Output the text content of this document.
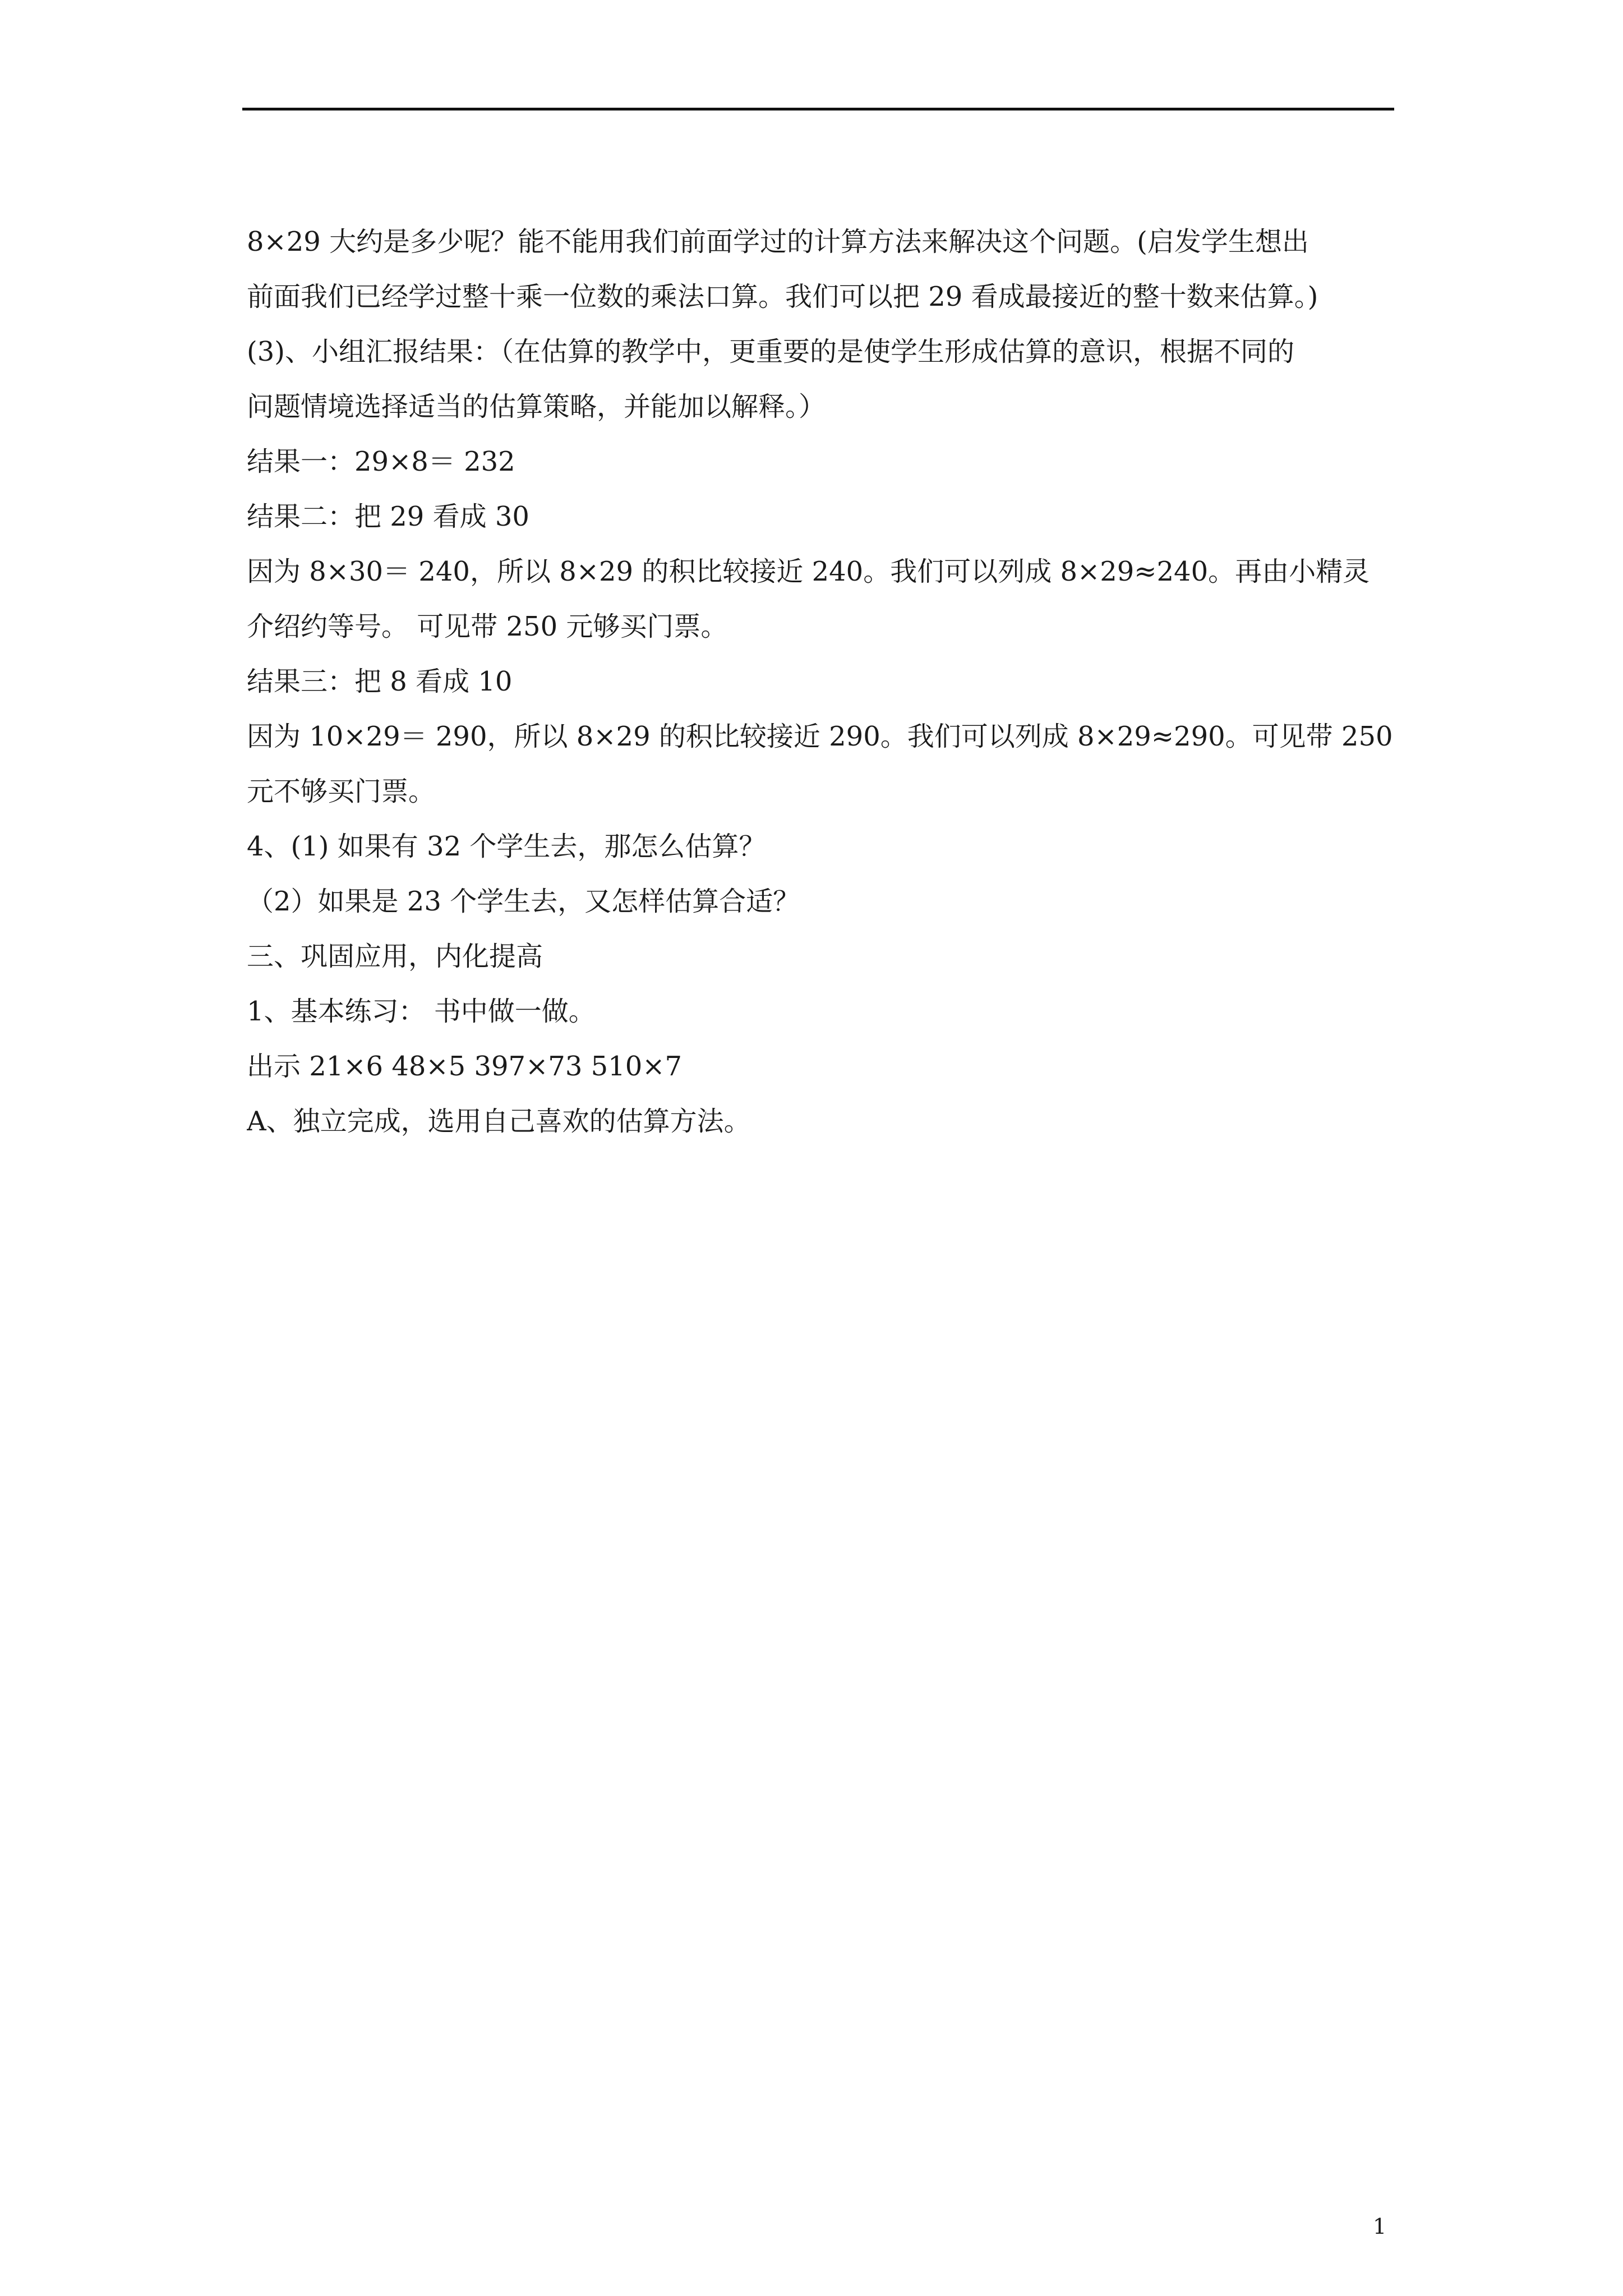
8×29 大约是多少呢？能不能用我们前面学过的计算方法来解决这个问题。(启发学生想出
前面我们已经学过整十乘一位数的乘法口算。我们可以把 29 看成最接近的整十数来估算。)
(3)、小组汇报结果：（在估算的教学中，更重要的是使学生形成估算的意识，根据不同的
问题情境选择适当的估算策略，并能加以解释。）
结果一：29×8＝ 232
结果二：把 29 看成 30
因为 8×30＝ 240，所以 8×29 的积比较接近 240。我们可以列成 8×29≈240。再由小精灵
介绍约等号。 可见带 250 元够买门票。
结果三：把 8 看成 10
因为 10×29＝ 290，所以 8×29 的积比较接近 290。我们可以列成 8×29≈290。可见带 250
元不够买门票。
4、(1) 如果有 32 个学生去，那怎么估算？
（2）如果是 23 个学生去，又怎样估算合适？
三、巩固应用，内化提高
1、基本练习： 书中做一做。
出示 21×6 48×5 397×73 510×7
A、独立完成，选用自己喜欢的估算方法。
1
